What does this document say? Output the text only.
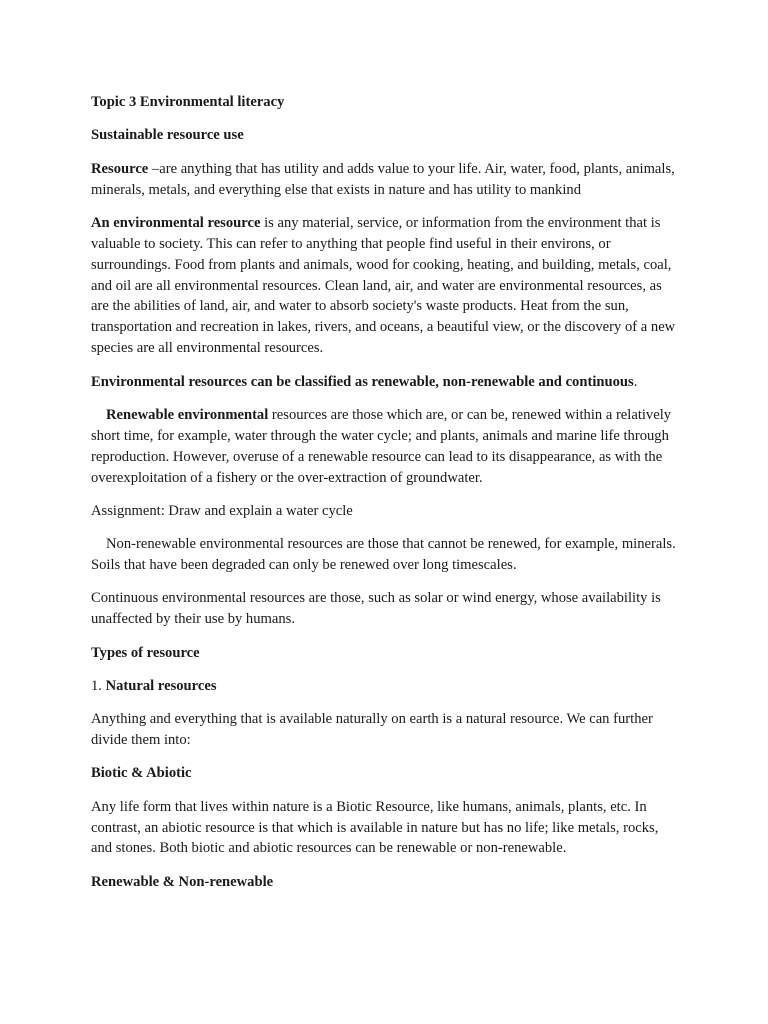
Topic 3 Environmental literacy

Sustainable resource use

Resource –are anything that has utility and adds value to your life. Air, water, food, plants, animals, minerals, metals, and everything else that exists in nature and has utility to mankind

An environmental resource is any material, service, or information from the environment that is valuable to society. This can refer to anything that people find useful in their environs, or surroundings. Food from plants and animals, wood for cooking, heating, and building, metals, coal, and oil are all environmental resources. Clean land, air, and water are environmental resources, as are the abilities of land, air, and water to absorb society's waste products. Heat from the sun, transportation and recreation in lakes, rivers, and oceans, a beautiful view, or the discovery of a new species are all environmental resources.

Environmental resources can be classified as renewable, non-renewable and continuous.

Renewable environmental resources are those which are, or can be, renewed within a relatively short time, for example, water through the water cycle; and plants, animals and marine life through reproduction. However, overuse of a renewable resource can lead to its disappearance, as with the overexploitation of a fishery or the over-extraction of groundwater.

Assignment: Draw and explain a water cycle

Non-renewable environmental resources are those that cannot be renewed, for example, minerals. Soils that have been degraded can only be renewed over long timescales.

Continuous environmental resources are those, such as solar or wind energy, whose availability is unaffected by their use by humans.

Types of resource

1. Natural resources

Anything and everything that is available naturally on earth is a natural resource. We can further divide them into:

Biotic & Abiotic

Any life form that lives within nature is a Biotic Resource, like humans, animals, plants, etc. In contrast, an abiotic resource is that which is available in nature but has no life; like metals, rocks, and stones. Both biotic and abiotic resources can be renewable or non-renewable.

Renewable & Non-renewable
